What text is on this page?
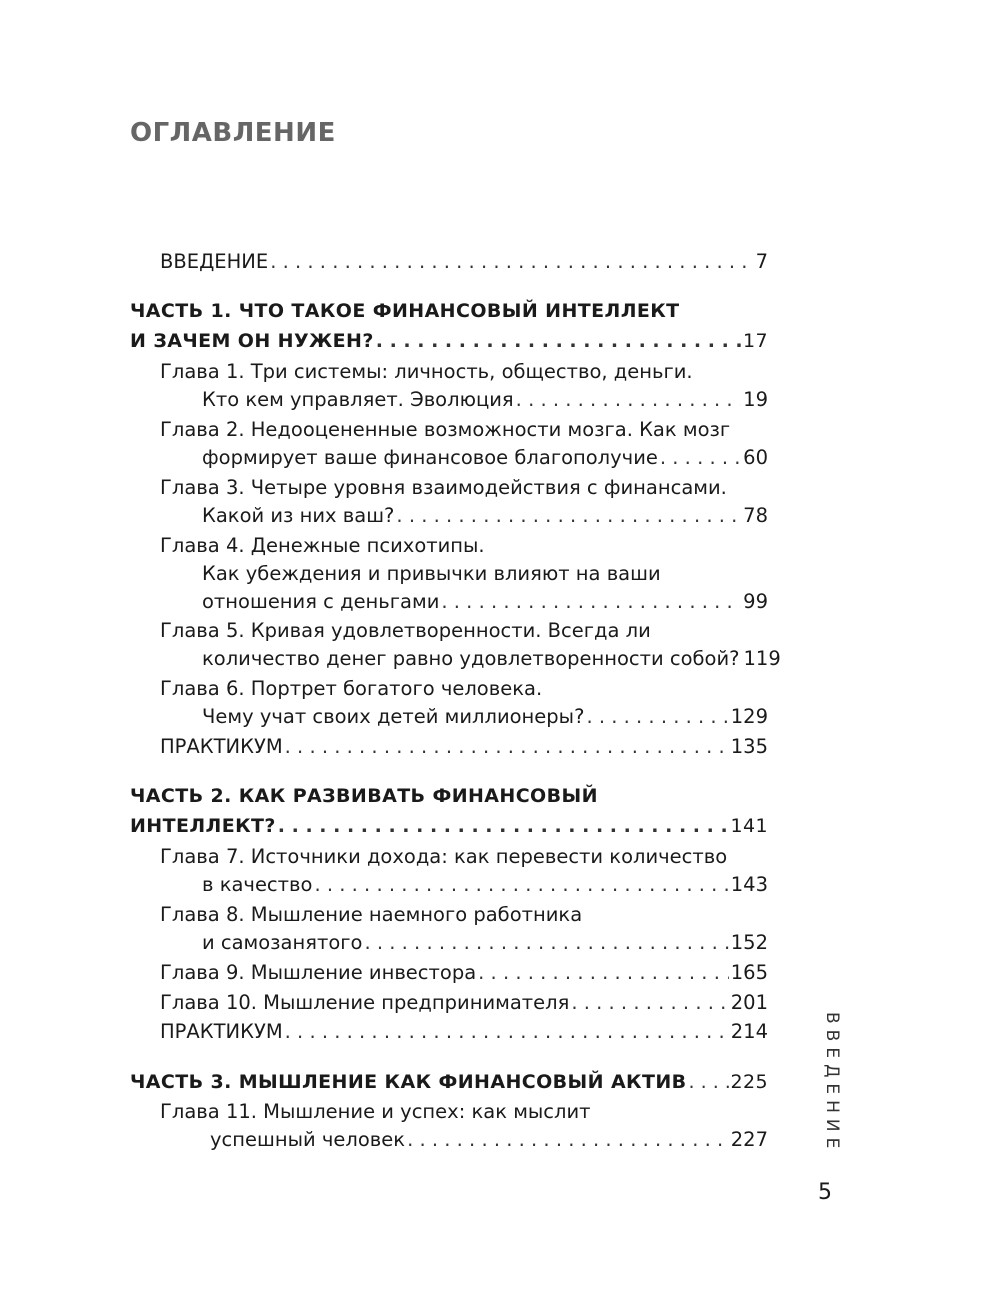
ОГЛАВЛЕНИЕ
ВВЕДЕНИЕ . . .	7
ЧАСТЬ 1. ЧТО ТАКОЕ ФИНАНСОВЫЙ ИНТЕЛЛЕКТ
И ЗАЧЕМ ОН НУЖЕН? . . .	17
Глава 1. Три системы: личность, общество, деньги.
Кто кем управляет. Эволюция . . .	19
Глава 2. Недооцененные возможности мозга. Как мозг
формирует ваше финансовое благополучие . . .	60
Глава 3. Четыре уровня взаимодействия с финансами.
Какой из них ваш? . . .	78
Глава 4. Денежные психотипы.
Как убеждения и привычки влияют на ваши
отношения с деньгами . . .	99
Глава 5. Кривая удовлетворенности. Всегда ли
количество денег равно удовлетворенности собой? 119
Глава 6. Портрет богатого человека.
Чему учат своих детей миллионеры? . . .	129
ПРАКТИКУМ . . .	135
ЧАСТЬ 2. КАК РАЗВИВАТЬ ФИНАНСОВЫЙ
ИНТЕЛЛЕКТ? . . .	141
Глава 7. Источники дохода: как перевести количество
в качество . . .	143
Глава 8. Мышление наемного работника
и самозанятого . . .	152
Глава 9. Мышление инвестора . . .	165
Глава 10. Мышление предпринимателя . . .	201
ПРАКТИКУМ . . .	214
ЧАСТЬ 3. МЫШЛЕНИЕ КАК ФИНАНСОВЫЙ АКТИВ . . . 225
Глава 11. Мышление и успех: как мыслит
успешный человек . . .	227	ВВЕДЕНИЕ
5
